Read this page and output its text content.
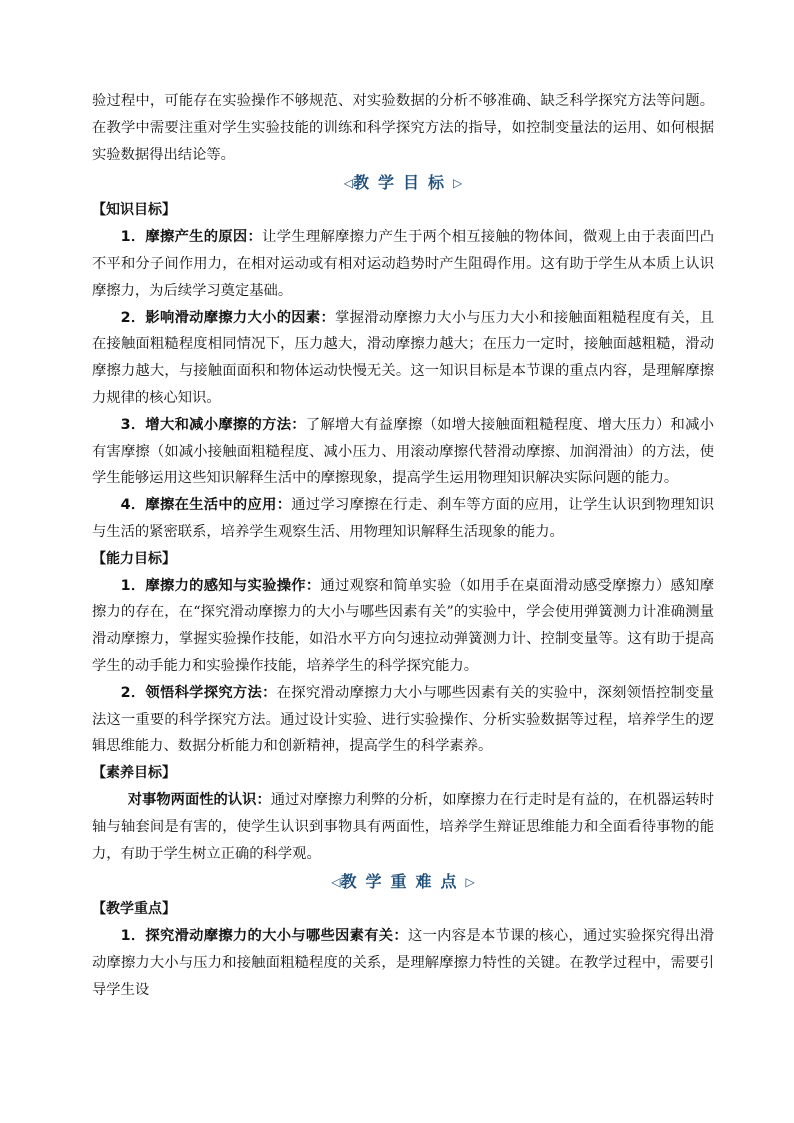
验过程中，可能存在实验操作不够规范、对实验数据的分析不够准确、缺乏科学探究方法等问题。在教学中需要注重对学生实验技能的训练和科学探究方法的指导，如控制变量法的运用、如何根据实验数据得出结论等。

◁教学目标▷

【知识目标】

1．摩擦产生的原因：让学生理解摩擦力产生于两个相互接触的物体间，微观上由于表面凹凸不平和分子间作用力，在相对运动或有相对运动趋势时产生阻碍作用。这有助于学生从本质上认识摩擦力，为后续学习奠定基础。

2．影响滑动摩擦力大小的因素：掌握滑动摩擦力大小与压力大小和接触面粗糙程度有关，且在接触面粗糙程度相同情况下，压力越大，滑动摩擦力越大；在压力一定时，接触面越粗糙，滑动摩擦力越大，与接触面面积和物体运动快慢无关。这一知识目标是本节课的重点内容，是理解摩擦力规律的核心知识。

3．增大和减小摩擦的方法：了解增大有益摩擦（如增大接触面粗糙程度、增大压力）和减小有害摩擦（如减小接触面粗糙程度、减小压力、用滚动摩擦代替滑动摩擦、加润滑油）的方法，使学生能够运用这些知识解释生活中的摩擦现象，提高学生运用物理知识解决实际问题的能力。

4．摩擦在生活中的应用：通过学习摩擦在行走、刹车等方面的应用，让学生认识到物理知识与生活的紧密联系，培养学生观察生活、用物理知识解释生活现象的能力。

【能力目标】

1．摩擦力的感知与实验操作：通过观察和简单实验（如用手在桌面滑动感受摩擦力）感知摩擦力的存在，在“探究滑动摩擦力的大小与哪些因素有关”的实验中，学会使用弹簧测力计准确测量滑动摩擦力，掌握实验操作技能，如沿水平方向匀速拉动弹簧测力计、控制变量等。这有助于提高学生的动手能力和实验操作技能，培养学生的科学探究能力。

2．领悟科学探究方法：在探究滑动摩擦力大小与哪些因素有关的实验中，深刻领悟控制变量法这一重要的科学探究方法。通过设计实验、进行实验操作、分析实验数据等过程，培养学生的逻辑思维能力、数据分析能力和创新精神，提高学生的科学素养。

【素养目标】

对事物两面性的认识：通过对摩擦力利弊的分析，如摩擦力在行走时是有益的，在机器运转时轴与轴套间是有害的，使学生认识到事物具有两面性，培养学生辩证思维能力和全面看待事物的能力，有助于学生树立正确的科学观。

◁教学重难点▷

【教学重点】

1．探究滑动摩擦力的大小与哪些因素有关：这一内容是本节课的核心，通过实验探究得出滑动摩擦力大小与压力和接触面粗糙程度的关系，是理解摩擦力特性的关键。在教学过程中，需要引导学生设
